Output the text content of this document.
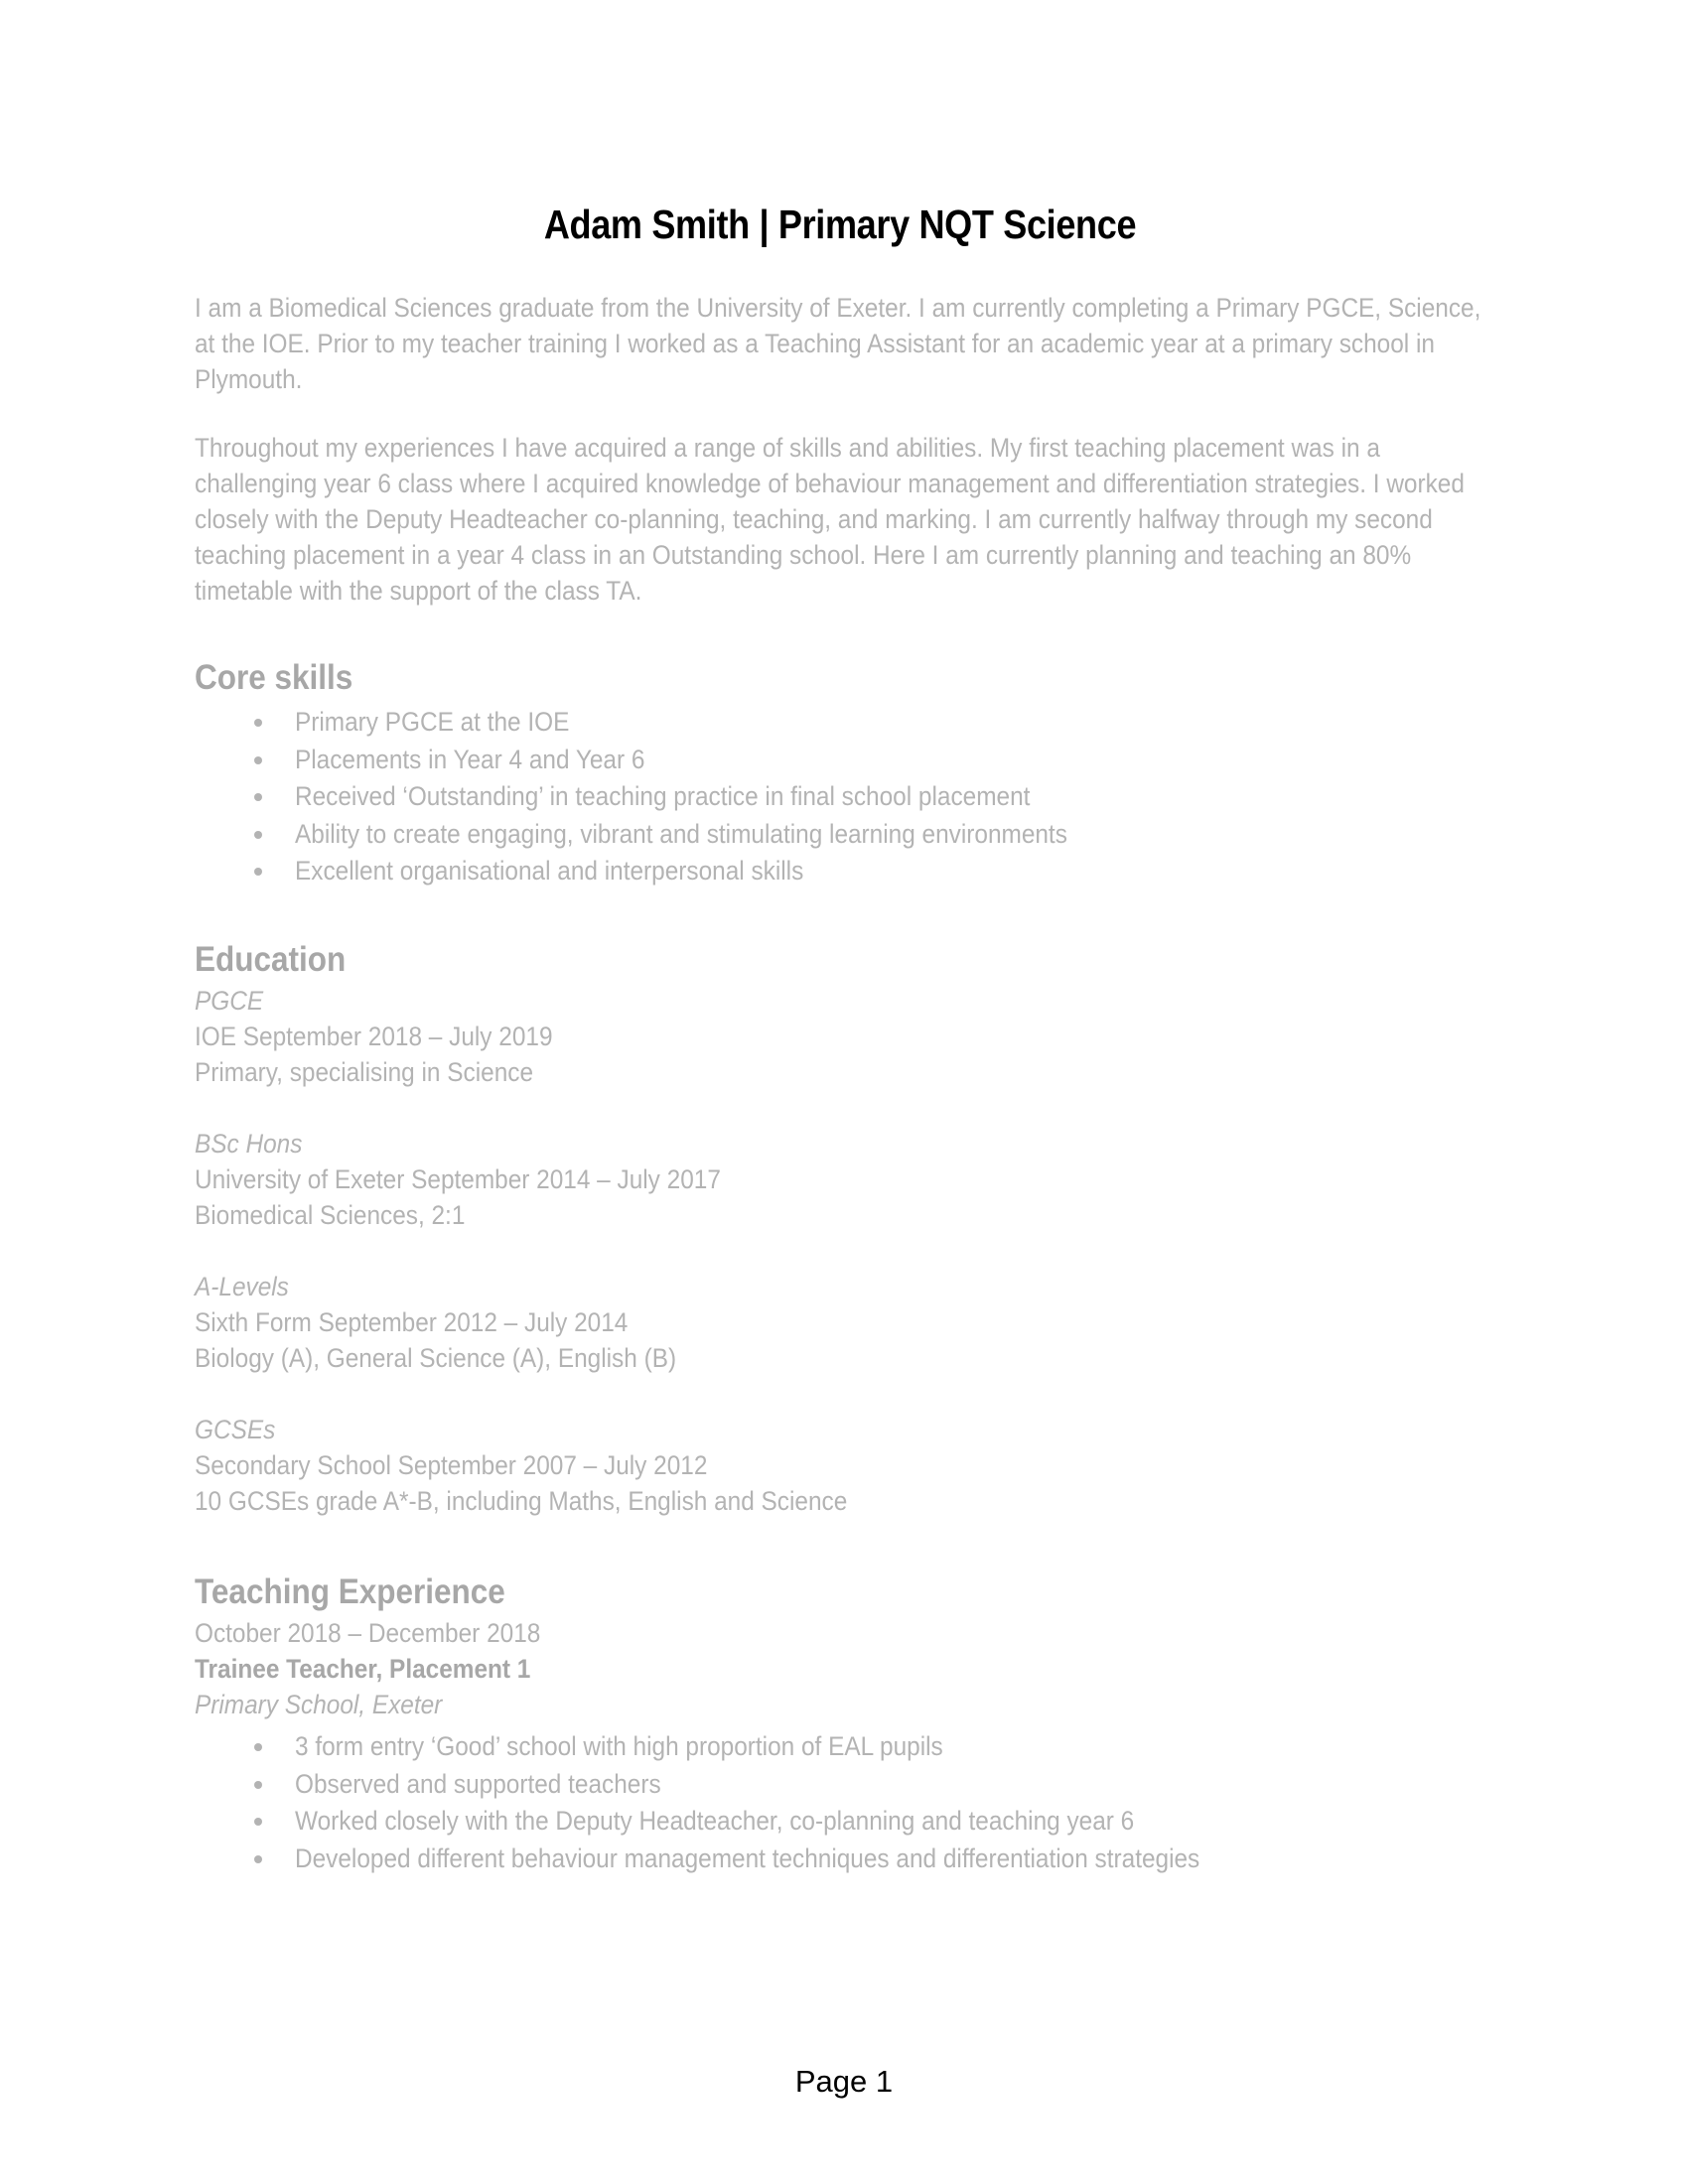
Adam Smith | Primary NQT Science

I am a Biomedical Sciences graduate from the University of Exeter. I am currently completing a Primary PGCE, Science, at the IOE. Prior to my teacher training I worked as a Teaching Assistant for an academic year at a primary school in Plymouth.

Throughout my experiences I have acquired a range of skills and abilities. My first teaching placement was in a challenging year 6 class where I acquired knowledge of behaviour management and differentiation strategies. I worked closely with the Deputy Headteacher co-planning, teaching, and marking. I am currently halfway through my second teaching placement in a year 4 class in an Outstanding school. Here I am currently planning and teaching an 80% timetable with the support of the class TA.

Core skills
Primary PGCE at the IOE
Placements in Year 4 and Year 6
Received ‘Outstanding’ in teaching practice in final school placement
Ability to create engaging, vibrant and stimulating learning environments
Excellent organisational and interpersonal skills
Education
PGCE
IOE September 2018 – July 2019
Primary, specialising in Science
BSc Hons
University of Exeter September 2014 – July 2017
Biomedical Sciences, 2:1
A-Levels
Sixth Form September 2012 – July 2014
Biology (A), General Science (A), English (B)
GCSEs
Secondary School September 2007 – July 2012
10 GCSEs grade A*-B, including Maths, English and Science
Teaching Experience
October 2018 – December 2018
Trainee Teacher, Placement 1
Primary School, Exeter
3 form entry ‘Good’ school with high proportion of EAL pupils
Observed and supported teachers
Worked closely with the Deputy Headteacher, co-planning and teaching year 6
Developed different behaviour management techniques and differentiation strategies
Page 1
